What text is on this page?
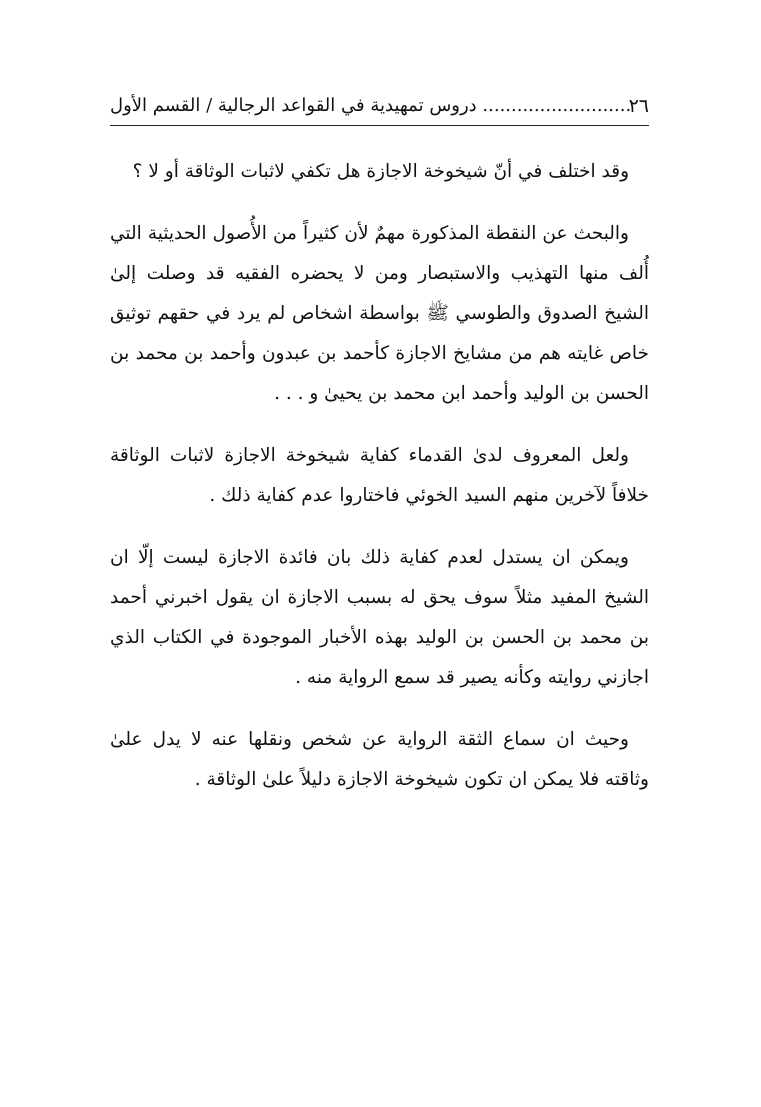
٢٦
.......................... دروس تمهيدية في القواعد الرجالية / القسم الأول

وقد اختلف في أنّ شيخوخة الاجازة هل تكفي لاثبات الوثاقة أو لا ؟

والبحث عن النقطة المذكورة مهمٌ لأن كثيراً من الأُصول الحديثية التي أُلف منها التهذيب والاستبصار ومن لا يحضره الفقيه قد وصلت إلىٰ الشيخ الصدوق والطوسي ﷺ بواسطة اشخاص لم يرد في حقهم توثيق خاص غايته هم من مشايخ الاجازة كأحمد بن عبدون وأحمد بن محمد بن الحسن بن الوليد وأحمد ابن محمد بن يحيىٰ و . . .

ولعل المعروف لدىٰ القدماء كفاية شيخوخة الاجازة لاثبات الوثاقة خلافاً لآخرين منهم السيد الخوئي فاختاروا عدم كفاية ذلك .

ويمكن ان يستدل لعدم كفاية ذلك بان فائدة الاجازة ليست إلّا ان الشيخ المفيد مثلاً سوف يحق له بسبب الاجازة ان يقول اخبرني أحمد بن محمد بن الحسن بن الوليد بهذه الأخبار الموجودة في الكتاب الذي اجازني روايته وكأنه يصير قد سمع الرواية منه .

وحيث ان سماع الثقة الرواية عن شخص ونقلها عنه لا يدل علىٰ وثاقته فلا يمكن ان تكون شيخوخة الاجازة دليلاً علىٰ الوثاقة .
